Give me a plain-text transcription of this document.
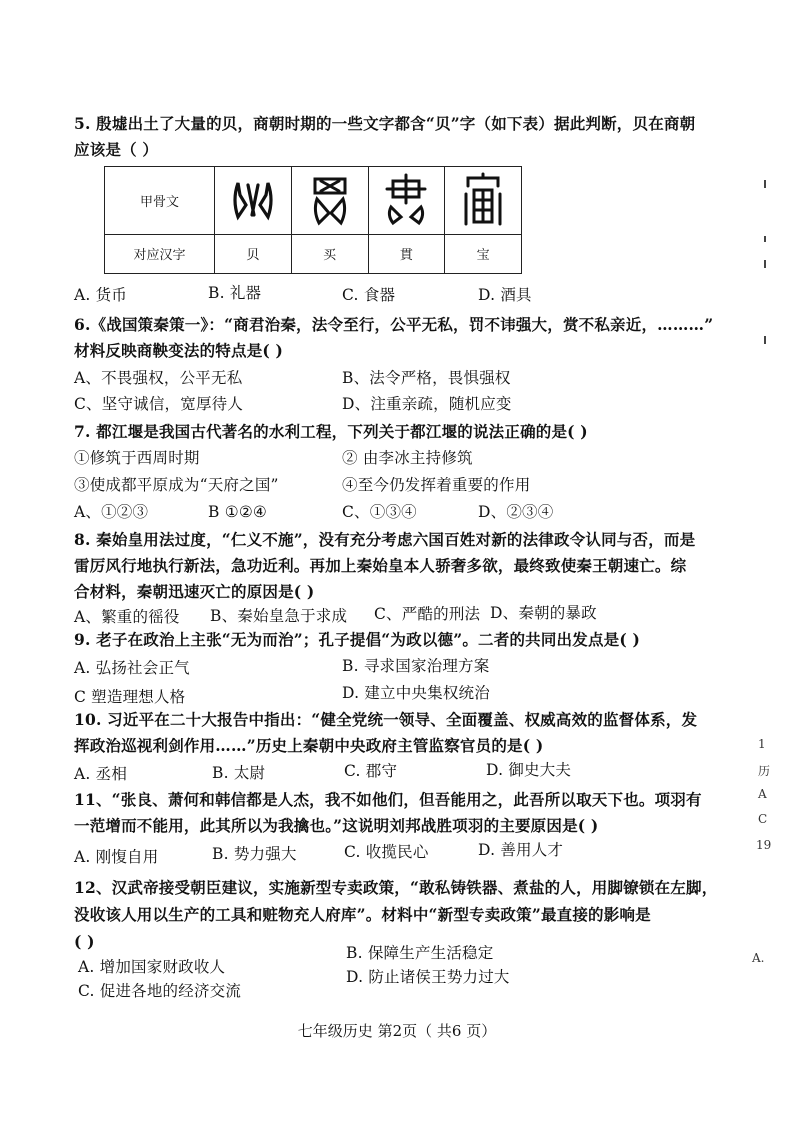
5. 殷墟出土了大量的贝，商朝时期的一些文字都含“贝”字（如下表）据此判断，贝在商朝
应该是（ ）
甲骨文	

对应汉字	贝	买	貫	宝
A. 货币	B. 礼器	C. 食器	D. 酒具
6.《战国策秦策一》：“商君治秦，法令至行，公平无私，罚不讳强大，赏不私亲近，………”
材料反映商鞅变法的特点是( )
A、不畏强权，公平无私	B、法令严格，畏惧强权
C、坚守诚信，宽厚待人	D、注重亲疏，随机应变
7. 都江堰是我国古代著名的水利工程，下列关于都江堰的说法正确的是( )
①修筑于西周时期	② 由李冰主持修筑
③使成都平原成为“天府之国”	④至今仍发挥着重要的作用
A、①②③	B ①②④	C、①③④	D、②③④
8. 秦始皇用法过度，“仁义不施”，没有充分考虑六国百姓对新的法律政令认同与否，而是
雷厉风行地执行新法，急功近利。再加上秦始皇本人骄奢多欲，最终致使秦王朝速亡。综
合材料，秦朝迅速灭亡的原因是( )
A、繁重的徭役 B、秦始皇急于求成 C、严酷的刑法 D、秦朝的暴政
9. 老子在政治上主张“无为而治”；孔子提倡“为政以德”。二者的共同出发点是( )
A. 弘扬社会正气	B. 寻求国家治理方案
C 塑造理想人格	D. 建立中央集权统治
10. 习近平在二十大报告中指出：“健全党统一领导、全面覆盖、权威高效的监督体系，发
挥政治巡视利剑作用……”历史上秦朝中央政府主管监察官员的是( )
A. 丞相	B. 太尉	C. 郡守	D. 御史大夫
11、“张良、萧何和韩信都是人杰，我不如他们，但吾能用之，此吾所以取天下也。项羽有
一范增而不能用，此其所以为我擒也。”这说明刘邦战胜项羽的主要原因是( )
A. 刚愎自用	B. 势力强大	C. 收揽民心	D. 善用人才
12、汉武帝接受朝臣建议，实施新型专卖政策，“敢私铸铁器、煮盐的人，用脚镣锁在左脚，
没收该人用以生产的工具和赃物充人府库”。材料中“新型专卖政策”最直接的影响是
( )
A. 增加国家财政收人
B. 保障生产生活稳定
C. 促进各地的经济交流
D. 防止诸侯王势力过大
七年级历史 第2页（ 共6 页）
1
历
A
C
19
A.
